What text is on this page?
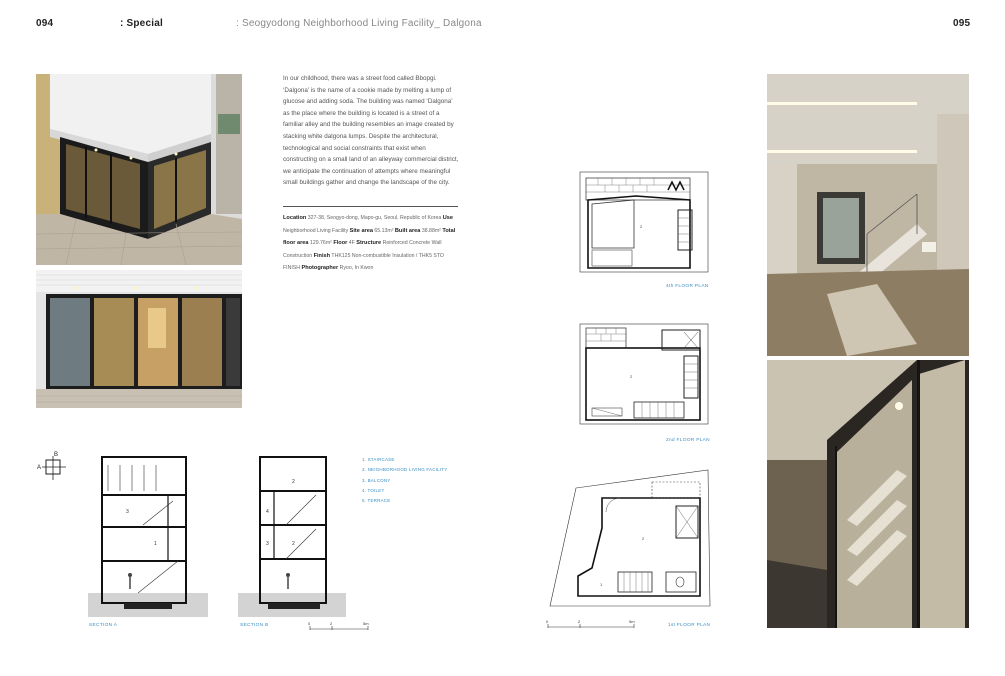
094	: Special	: Seogyodong Neighborhood Living Facility_ Dalgona	095
In our childhood, there was a street food called Bbopgi. ‘Dalgona’ is the name of a cookie made by melting a lump of glucose and adding soda. The building was named ‘Dalgona’ as the place where the building is located is a street of a familiar alley and the building resembles an image created by stacking white dalgona lumps. Despite the architectural, technological and social constraints that exist when constructing on a small land of an alleyway commercial district, we anticipate the continuation of attempts where meaningful small buildings gather and change the landscape of the city.
Location 327-38, Seogyo-dong, Mapo-gu, Seoul, Republic of Korea Use Neighborhood Living Facility Site area 65.13m² Built area 38.88m² Total floor area 129.76m² Floor 4F Structure Reinforced Concrete Wall Construction Finish THK125 Non-combustible Insulation / THK5 STO FINISH Photographer Ryoo, In Kwon
A
B
3
1
SECTION A
2
4
3	2
SECTION B	0	2	5m
1. STAIRCASE
2. NEIGHBORHOOD LIVING FACILITY
3. BALCONY
4. TOILET
5. TERRACE
2
4th FLOOR PLAN
2
2nd FLOOR PLAN
2
1
1st FLOOR PLAN
0	2	5m
